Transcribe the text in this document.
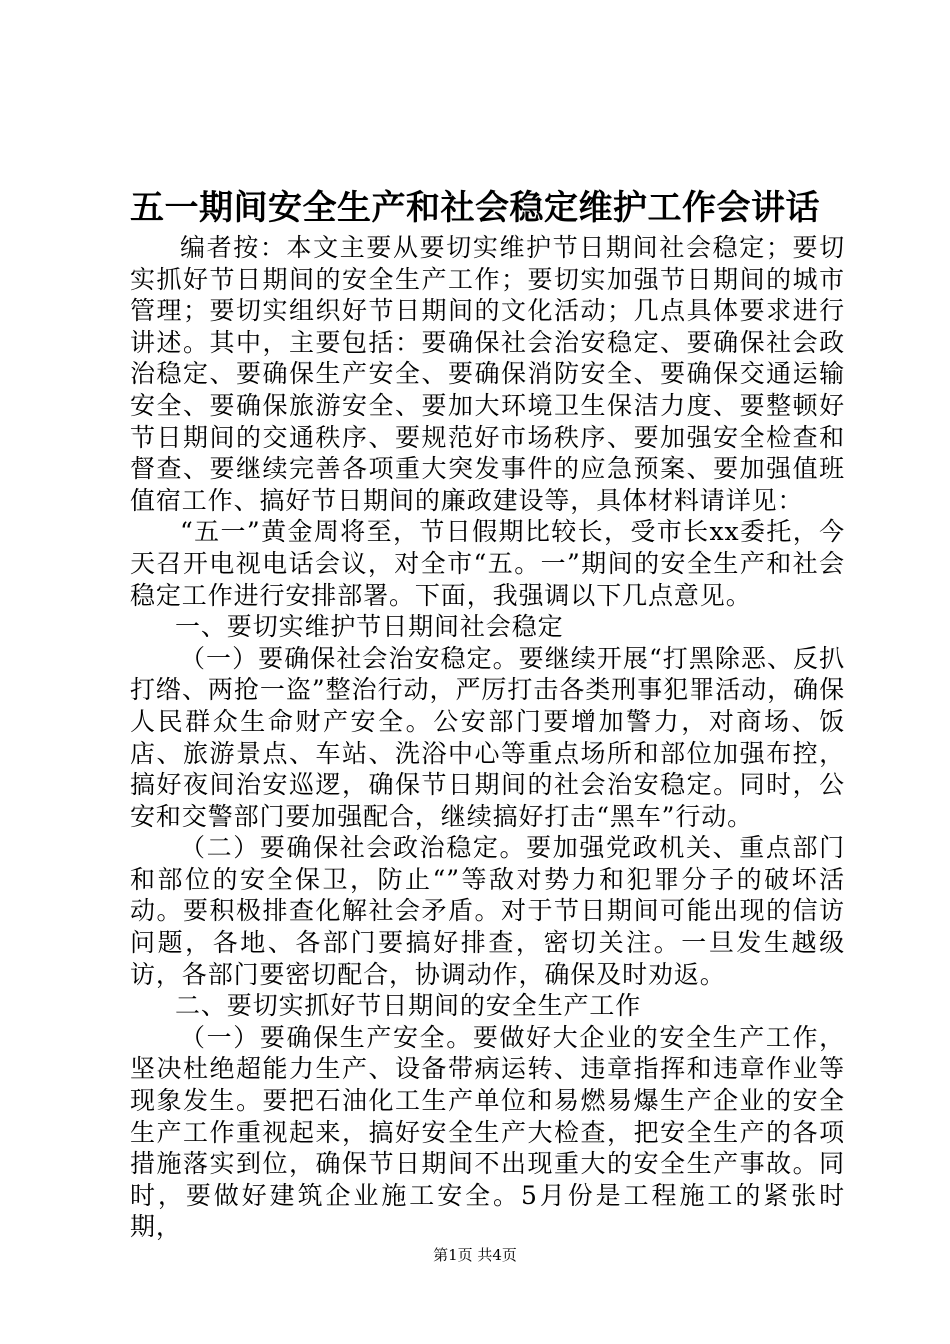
五一期间安全生产和社会稳定维护工作会讲话

编者按：本文主要从要切实维护节日期间社会稳定；要切实抓好节日期间的安全生产工作；要切实加强节日期间的城市管理；要切实组织好节日期间的文化活动；几点具体要求进行讲述。其中，主要包括：要确保社会治安稳定、要确保社会政治稳定、要确保生产安全、要确保消防安全、要确保交通运输安全、要确保旅游安全、要加大环境卫生保洁力度、要整顿好节日期间的交通秩序、要规范好市场秩序、要加强安全检查和督查、要继续完善各项重大突发事件的应急预案、要加强值班值宿工作、搞好节日期间的廉政建设等，具体材料请详见：

“五一”黄金周将至，节日假期比较长，受市长xx委托，今天召开电视电话会议，对全市“五。一”期间的安全生产和社会稳定工作进行安排部署。下面，我强调以下几点意见。

一、要切实维护节日期间社会稳定

（一）要确保社会治安稳定。要继续开展“打黑除恶、反扒打绺、两抢一盗”整治行动，严厉打击各类刑事犯罪活动，确保人民群众生命财产安全。公安部门要增加警力，对商场、饭店、旅游景点、车站、洗浴中心等重点场所和部位加强布控，搞好夜间治安巡逻，确保节日期间的社会治安稳定。同时，公安和交警部门要加强配合，继续搞好打击“黑车”行动。

（二）要确保社会政治稳定。要加强党政机关、重点部门和部位的安全保卫，防止“”等敌对势力和犯罪分子的破坏活动。要积极排查化解社会矛盾。对于节日期间可能出现的信访问题，各地、各部门要搞好排查，密切关注。一旦发生越级访，各部门要密切配合，协调动作，确保及时劝返。

二、要切实抓好节日期间的安全生产工作

（一）要确保生产安全。要做好大企业的安全生产工作，坚决杜绝超能力生产、设备带病运转、违章指挥和违章作业等现象发生。要把石油化工生产单位和易燃易爆生产企业的安全生产工作重视起来，搞好安全生产大检查，把安全生产的各项措施落实到位，确保节日期间不出现重大的安全生产事故。同时，要做好建筑企业施工安全。5月份是工程施工的紧张时期，

第1页 共4页
